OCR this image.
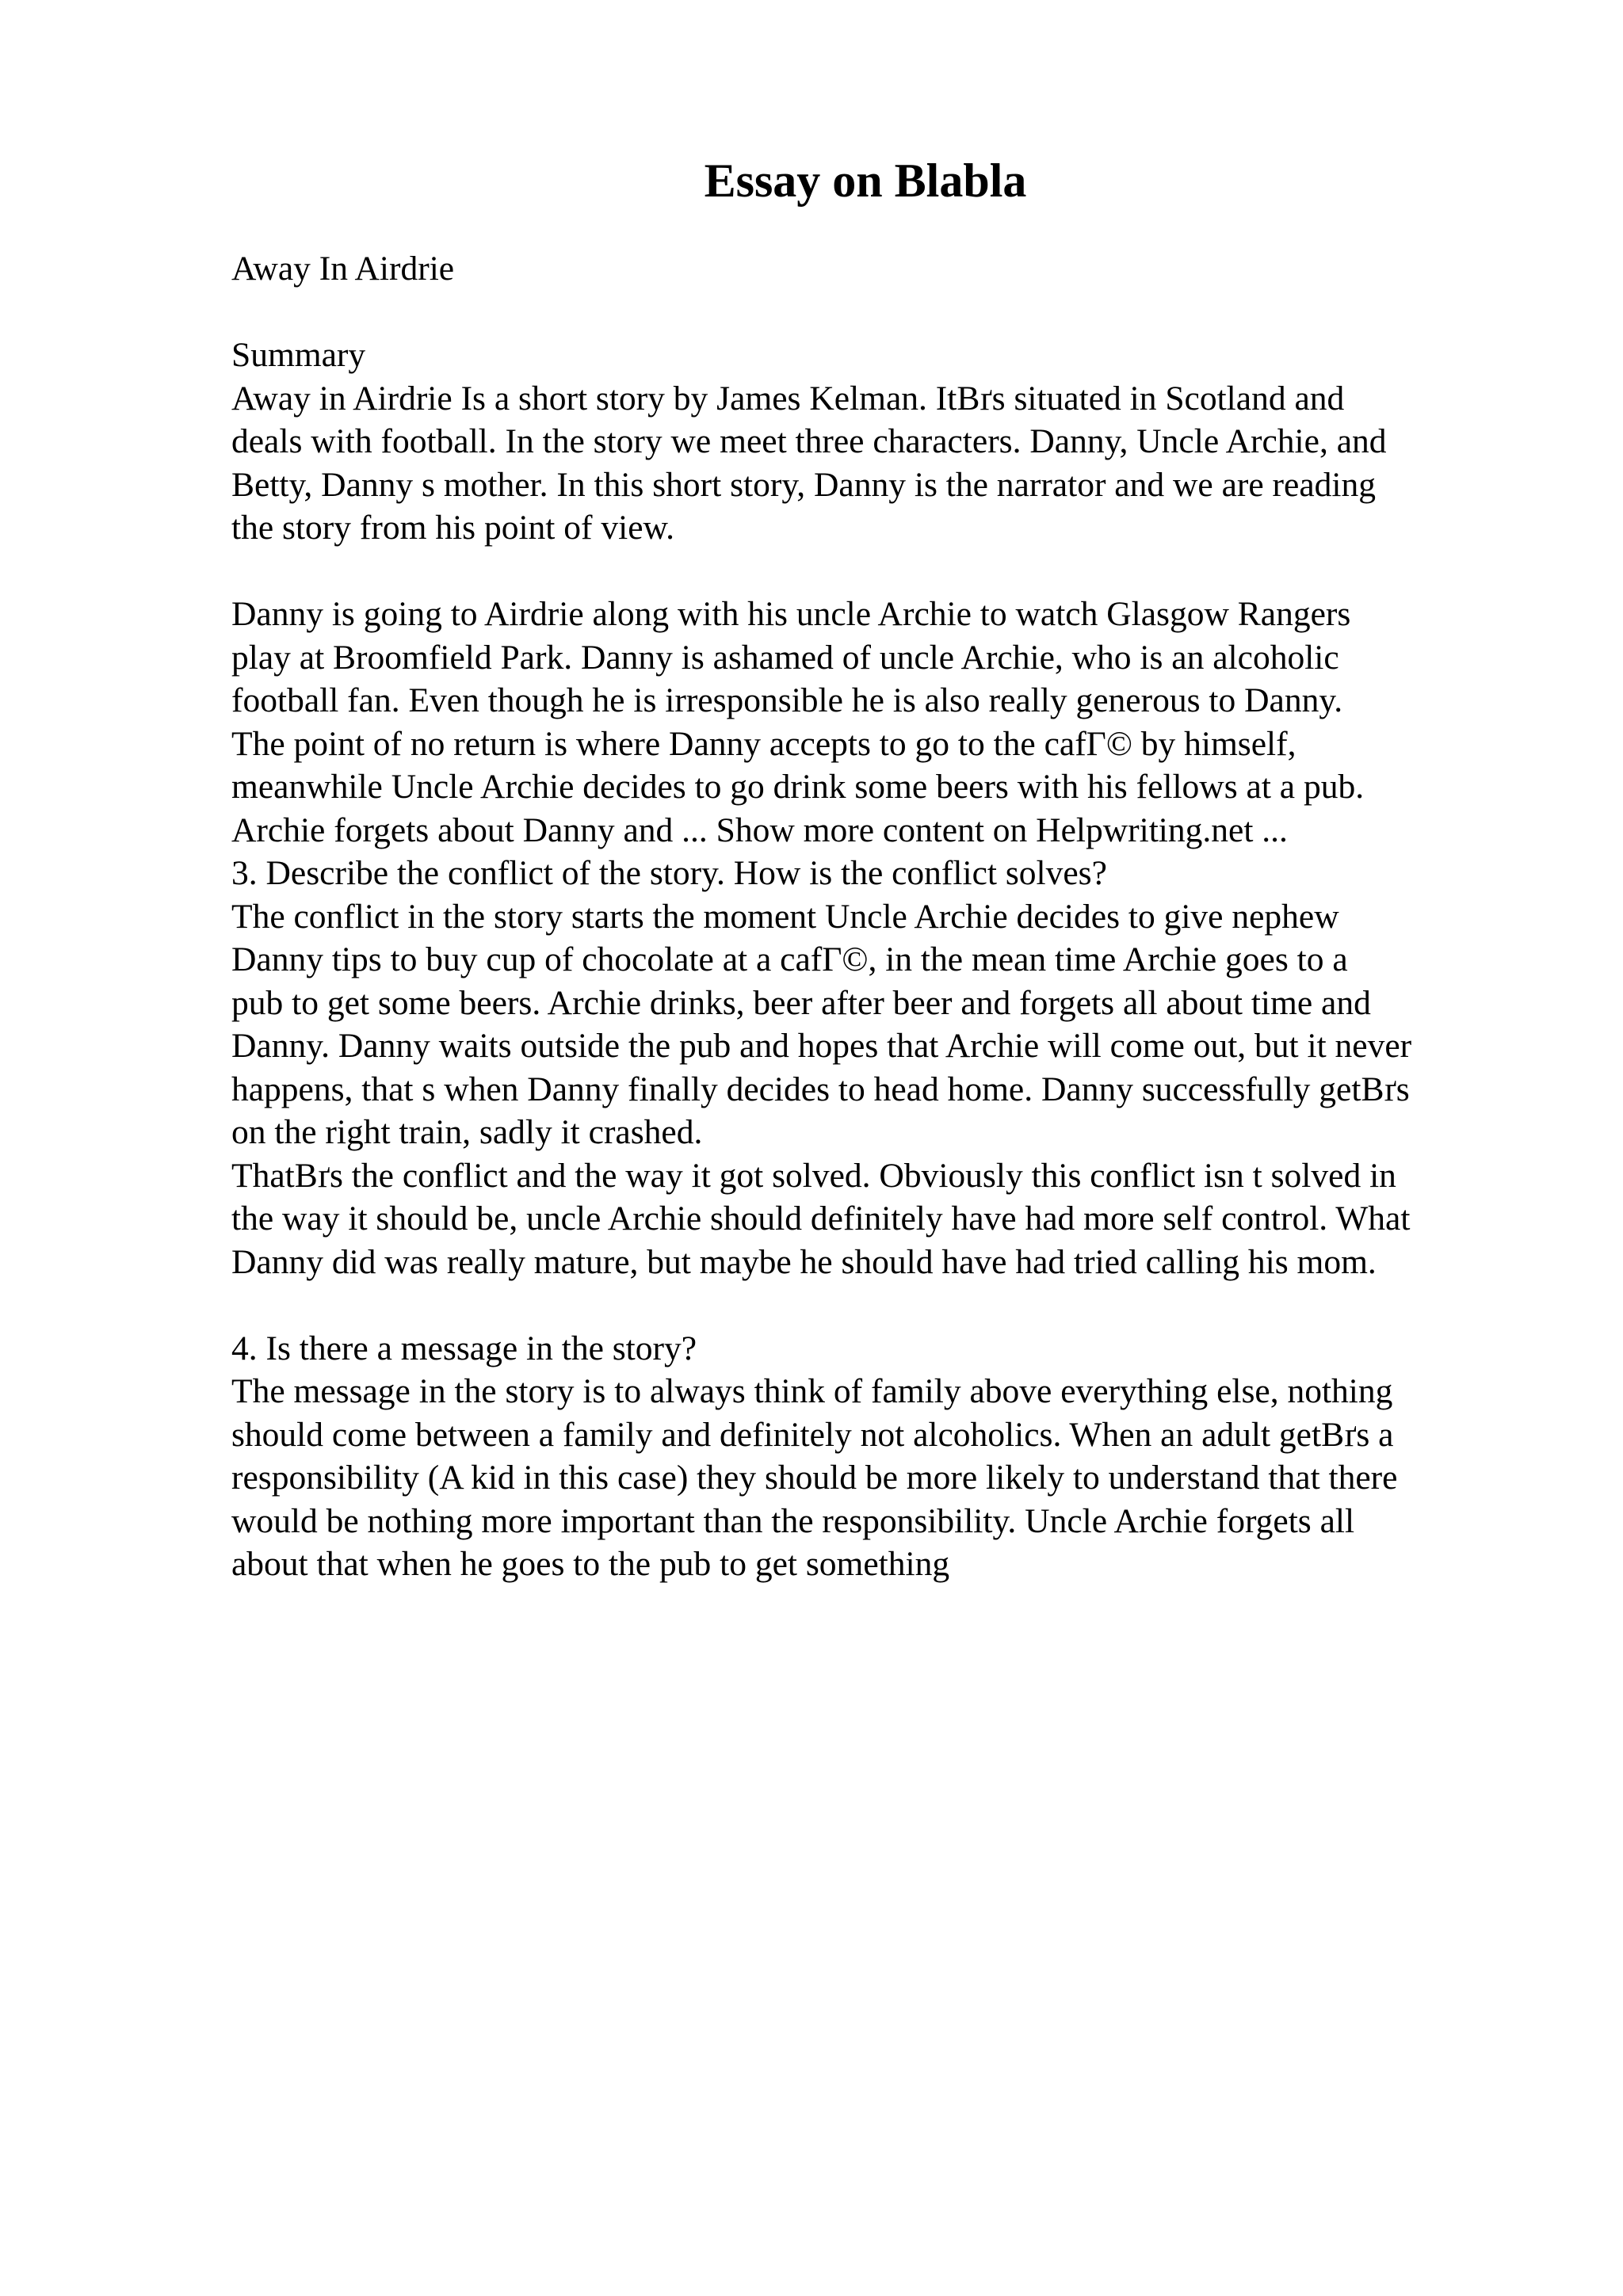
Essay on Blabla
Away In Airdrie
Summary
Away in Airdrie Is a short story by James Kelman. ItВґs situated in Scotland and
deals with football. In the story we meet three characters. Danny, Uncle Archie, and
Betty, Danny s mother. In this short story, Danny is the narrator and we are reading
the story from his point of view.
Danny is going to Airdrie along with his uncle Archie to watch Glasgow Rangers
play at Broomfield Park. Danny is ashamed of uncle Archie, who is an alcoholic
football fan. Even though he is irresponsible he is also really generous to Danny.
The point of no return is where Danny accepts to go to the cafГ© by himself,
meanwhile Uncle Archie decides to go drink some beers with his fellows at a pub.
Archie forgets about Danny and ... Show more content on Helpwriting.net ...
3. Describe the conflict of the story. How is the conflict solves?
The conflict in the story starts the moment Uncle Archie decides to give nephew
Danny tips to buy cup of chocolate at a cafГ©, in the mean time Archie goes to a
pub to get some beers. Archie drinks, beer after beer and forgets all about time and
Danny. Danny waits outside the pub and hopes that Archie will come out, but it never
happens, that s when Danny finally decides to head home. Danny successfully getВґs
on the right train, sadly it crashed.
ThatВґs the conflict and the way it got solved. Obviously this conflict isn t solved in
the way it should be, uncle Archie should definitely have had more self control. What
Danny did was really mature, but maybe he should have had tried calling his mom.
4. Is there a message in the story?
The message in the story is to always think of family above everything else, nothing
should come between a family and definitely not alcoholics. When an adult getВґs a
responsibility (A kid in this case) they should be more likely to understand that there
would be nothing more important than the responsibility. Uncle Archie forgets all
about that when he goes to the pub to get something
